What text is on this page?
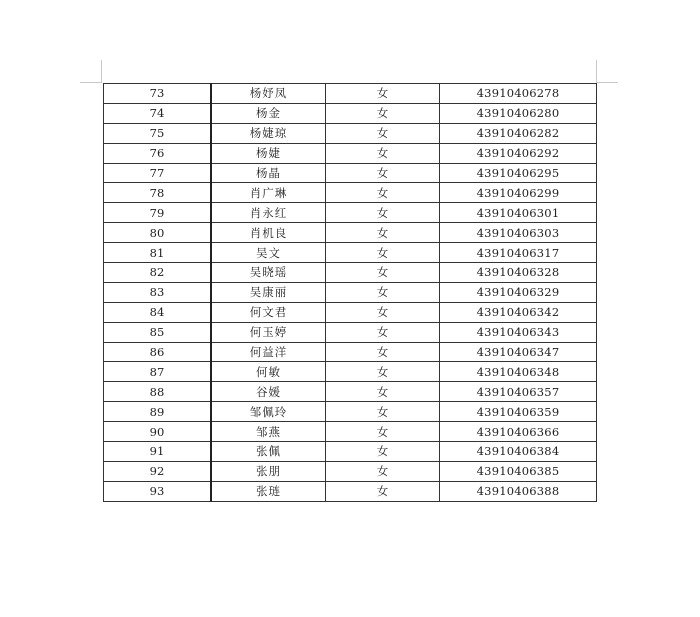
73	杨妤凤	女	43910406278
74	杨金	女	43910406280
75	杨婕琼	女	43910406282
76	杨婕	女	43910406292
77	杨晶	女	43910406295
78	肖广琳	女	43910406299
79	肖永红	女	43910406301
80	肖机良	女	43910406303
81	吴文	女	43910406317
82	吴晓瑶	女	43910406328
83	吴康丽	女	43910406329
84	何文君	女	43910406342
85	何玉婷	女	43910406343
86	何益洋	女	43910406347
87	何敏	女	43910406348
88	谷媛	女	43910406357
89	邹佩玲	女	43910406359
90	邹燕	女	43910406366
91	张佩	女	43910406384
92	张朋	女	43910406385
93	张琏	女	43910406388
